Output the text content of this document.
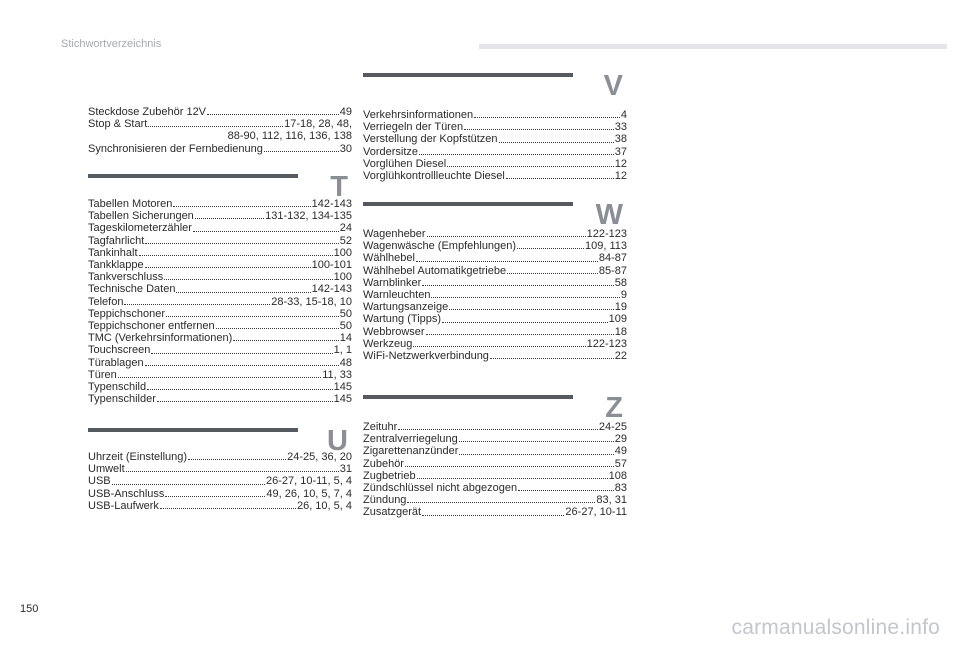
Stichwortverzeichnis
Steckdose Zubehör 12V	49
Stop & Start	17-18, 28, 48,
88-90, 112, 116, 136, 138
Synchronisieren der Fernbedienung	30
T
Tabellen Motoren	142-143
Tabellen Sicherungen	131-132, 134-135
Tageskilometerzähler	24
Tagfahrlicht	52
Tankinhalt	100
Tankklappe	100-101
Tankverschluss	100
Technische Daten	142-143
Telefon	28-33, 15-18, 10
Teppichschoner	50
Teppichschoner entfernen	50
TMC (Verkehrsinformationen)	14
Touchscreen	1, 1
Türablagen	48
Türen	11, 33
Typenschild	145
Typenschilder	145
U
Uhrzeit (Einstellung)	24-25, 36, 20
Umwelt	31
USB	26-27, 10-11, 5, 4
USB-Anschluss	49, 26, 10, 5, 7, 4
USB-Laufwerk	26, 10, 5, 4
V
Verkehrsinformationen	4
Verriegeln der Türen	33
Verstellung der Kopfstützen	38
Vordersitze	37
Vorglühen Diesel	12
Vorglühkontrollleuchte Diesel	12
W
Wagenheber	122-123
Wagenwäsche (Empfehlungen)	109, 113
Wählhebel	84-87
Wählhebel Automatikgetriebe	85-87
Warnblinker	58
Warnleuchten	9
Wartungsanzeige	19
Wartung (Tipps)	109
Webbrowser	18
Werkzeug	122-123
WiFi-Netzwerkverbindung	22
Z
Zeituhr	24-25
Zentralverriegelung	29
Zigarettenanzünder	49
Zubehör	57
Zugbetrieb	108
Zündschlüssel nicht abgezogen	83
Zündung	83, 31
Zusatzgerät	26-27, 10-11
150
carmanualsonline.info
